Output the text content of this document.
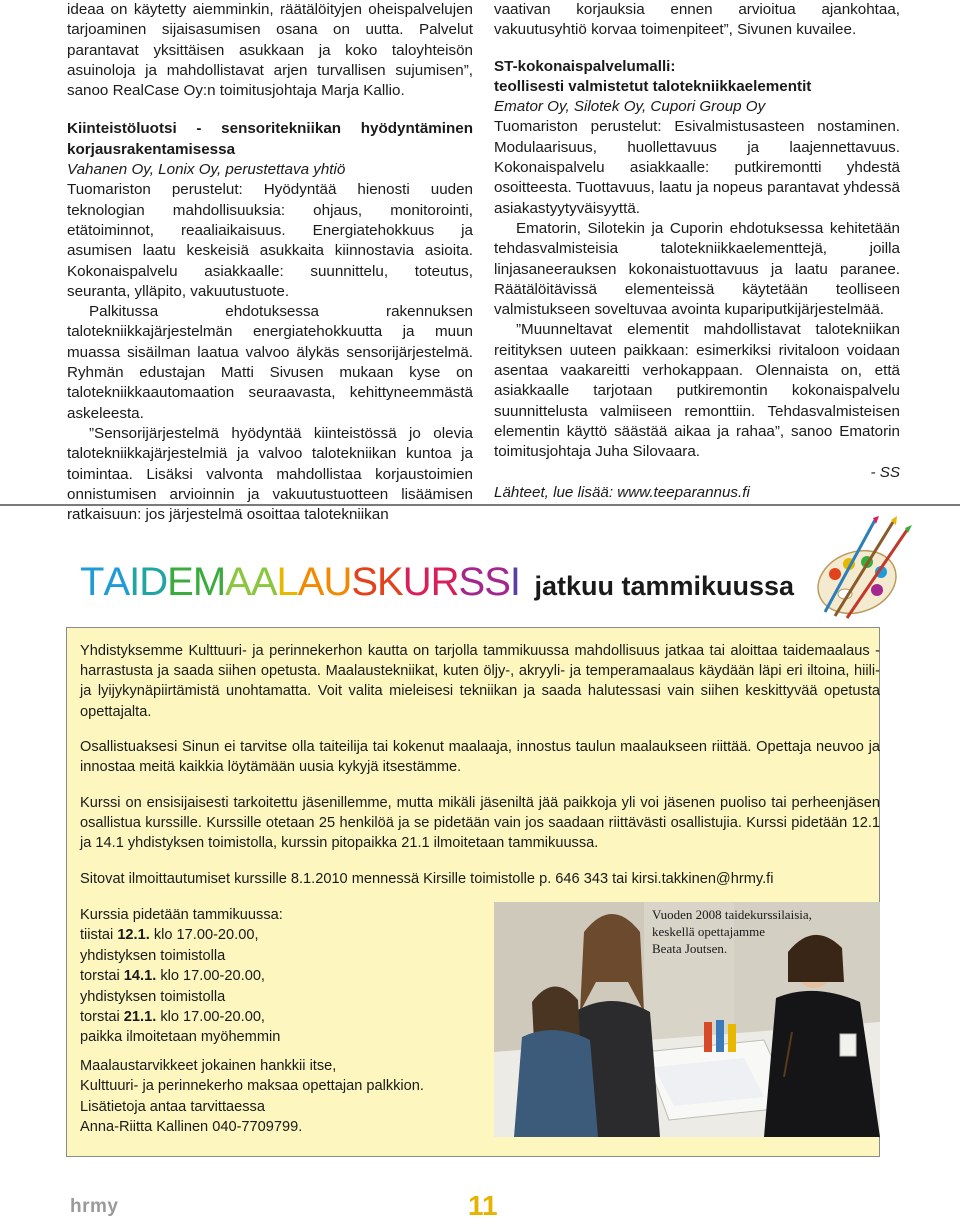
ideaa on käytetty aiemminkin, räätälöityjen oheispalvelujen tarjoaminen sijaisasumisen osana on uutta. Palvelut parantavat yksittäisen asukkaan ja koko taloyhteisön asuinoloja ja mahdollistavat arjen turvallisen sujumisen”, sanoo RealCase Oy:n toimitusjohtaja Marja Kallio.

Kiinteistöluotsi - sensoritekniikan hyödyntäminen korjausrakentamisessa

Vahanen Oy, Lonix Oy, perustettava yhtiö

Tuomariston perustelut: Hyödyntää hienosti uuden teknologian mahdollisuuksia: ohjaus, monitorointi, etätoiminnot, reaaliaikaisuus. Energiatehokkuus ja asumisen laatu keskeisiä asukkaita kiinnostavia asioita. Kokonaispalvelu asiakkaalle: suunnittelu, toteutus, seuranta, ylläpito, vakuutustuote.

Palkitussa ehdotuksessa rakennuksen talotekniikkajärjestelmän energiatehokkuutta ja muun muassa sisäilman laatua valvoo älykäs sensorijärjestelmä. Ryhmän edustajan Matti Sivusen mukaan kyse on talotekniikkaautomaation seuraavasta, kehittyneemmästä askeleesta.

”Sensorijärjestelmä hyödyntää kiinteistössä jo olevia talotekniikkajärjestelmiä ja valvoo talotekniikan kuntoa ja toimintaa. Lisäksi valvonta mahdollistaa korjaustoimien onnistumisen arvioinnin ja vakuutustuotteen lisäämisen ratkaisuun: jos järjestelmä osoittaa talotekniikan

vaativan korjauksia ennen arvioitua ajankohtaa, vakuutusyhtiö korvaa toimenpiteet”, Sivunen kuvailee.

ST-kokonaispalvelumalli:

teollisesti valmistetut talotekniikkaelementit

Emator Oy, Silotek Oy, Cupori Group Oy

Tuomariston perustelut: Esivalmistusasteen nostaminen. Modulaarisuus, huollettavuus ja laajennettavuus. Kokonaispalvelu asiakkaalle: putkiremontti yhdestä osoitteesta. Tuottavuus, laatu ja nopeus parantavat yhdessä asiakastyytyväisyyttä.

Ematorin, Silotekin ja Cuporin ehdotuksessa kehitetään tehdasvalmisteisia talotekniikkaelementtejä, joilla linjasaneerauksen kokonaistuottavuus ja laatu paranee. Räätälöitävissä elementeissä käytetään teolliseen valmistukseen soveltuvaa avointa kupariputkijärjestelmää.

”Muunneltavat elementit mahdollistavat talotekniikan reitityksen uuteen paikkaan: esimerkiksi rivitaloon voidaan asentaa vaakareitti verhokappaan. Olennaista on, että asiakkaalle tarjotaan putkiremontin kokonaispalvelu suunnittelusta valmiiseen remonttiin. Tehdasvalmisteisen elementin käyttö säästää aikaa ja rahaa”, sanoo Ematorin toimitusjohtaja Juha Silovaara.

- SS

Lähteet, lue lisää: www.teeparannus.fi

TAIDEMAALAUSKURSSI jatkuu tammikuussa

Yhdistyksemme Kulttuuri- ja perinnekerhon kautta on tarjolla tammikuussa mahdollisuus jatkaa tai aloittaa taidemaalaus -harrastusta ja saada siihen opetusta. Maalaustekniikat, kuten öljy-, akryyli- ja temperamaalaus käydään läpi eri iltoina, hiili- ja lyijykynäpiirtämistä unohtamatta. Voit valita mieleisesi tekniikan ja saada halutessasi vain siihen keskittyvää opetusta opettajalta.

Osallistuaksesi Sinun ei tarvitse olla taiteilija tai kokenut maalaaja, innostus taulun maalaukseen riittää. Opettaja neuvoo ja innostaa meitä kaikkia löytämään uusia kykyjä itsestämme.

Kurssi on ensisijaisesti tarkoitettu jäsenillemme, mutta mikäli jäseniltä jää paikkoja yli voi jäsenen puoliso tai perheenjäsen osallistua kurssille. Kurssille otetaan 25 henkilöä ja se pidetään vain jos saadaan riittävästi osallistujia. Kurssi pidetään 12.1 ja 14.1 yhdistyksen toimistolla, kurssin pitopaikka 21.1 ilmoitetaan tammikuussa.

Sitovat ilmoittautumiset kurssille 8.1.2010 mennessä Kirsille toimistolle p. 646 343 tai kirsi.takkinen@hrmy.fi

Kurssia pidetään tammikuussa:

tiistai 12.1. klo 17.00-20.00,

yhdistyksen toimistolla

torstai 14.1. klo 17.00-20.00,

yhdistyksen toimistolla

torstai 21.1. klo 17.00-20.00,

paikka ilmoitetaan myöhemmin

Maalaustarvikkeet jokainen hankkii itse,

Kulttuuri- ja perinnekerho maksaa opettajan palkkion.

Lisätietoja antaa tarvittaessa

Anna-Riitta Kallinen 040-7709799.

Vuoden 2008 taidekurssilaisia,
keskellä opettajamme
Beata Joutsen.
hrmy	11
